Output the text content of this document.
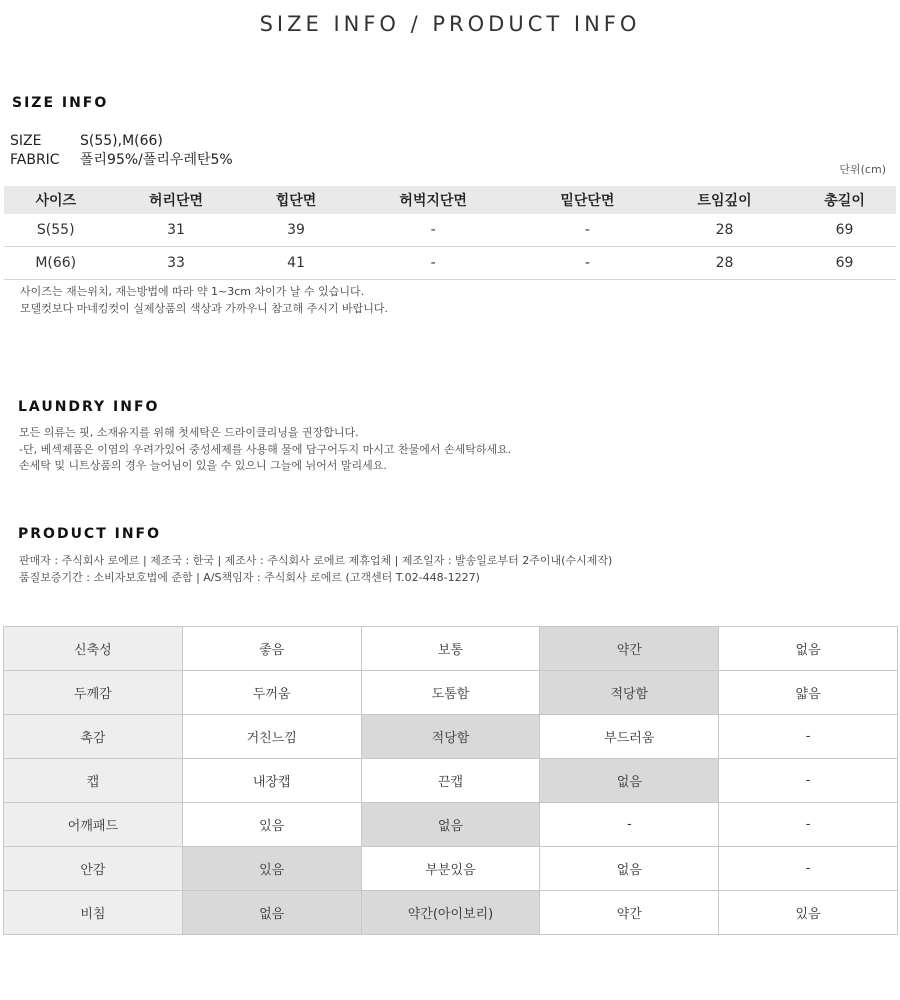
SIZE INFO / PRODUCT INFO
SIZE INFO
SIZE	S(55),M(66)
FABRIC 폴리95%/폴리우레탄5%
단위(cm)
사이즈	허리단면	힙단면	허벅지단면	밑단단면	트임깊이	총길이
S(55)	31	39	-	-	28	69
M(66)	33	41	-	-	28	69
사이즈는 재는위치, 재는방법에 따라 약 1~3cm 차이가 날 수 있습니다.
모델컷보다 마네킹컷이 실제상품의 색상과 가까우니 참고해 주시기 바랍니다.
LAUNDRY INFO
모든 의류는 핏, 소재유지를 위해 첫세탁은 드라이클리닝을 권장합니다.
-단, 베섹제품은 이염의 우려가있어 중성세제를 사용해 물에 담구어두지 마시고 찬물에서 손세탁하세요.
손세탁 및 니트상품의 경우 늘어님이 있을 수 있으니 그늘에 뉘어서 말리세요.
PRODUCT INFO
판매자 : 주식회사 로에르 | 제조국 : 한국 | 제조사 : 주식회사 로에르 제휴업체 | 제조일자 : 발송일로부터 2주이내(수시제작)
품질보증기간 : 소비자보호법에 준함 | A/S책임자 : 주식회사 로에르 (고객센터 T.02-448-1227)
신축성	좋음	보통	약간	없음
두께감	두꺼움	도톰함	적당함	얇음
촉감	거친느낌	적당함	부드러움	-
캡	내장캡	끈캡	없음	-
어깨패드	있음	없음	-	-
안감	있음	부분있음	없음	-
비침	없음	약간(아이보리)	약간	있음
